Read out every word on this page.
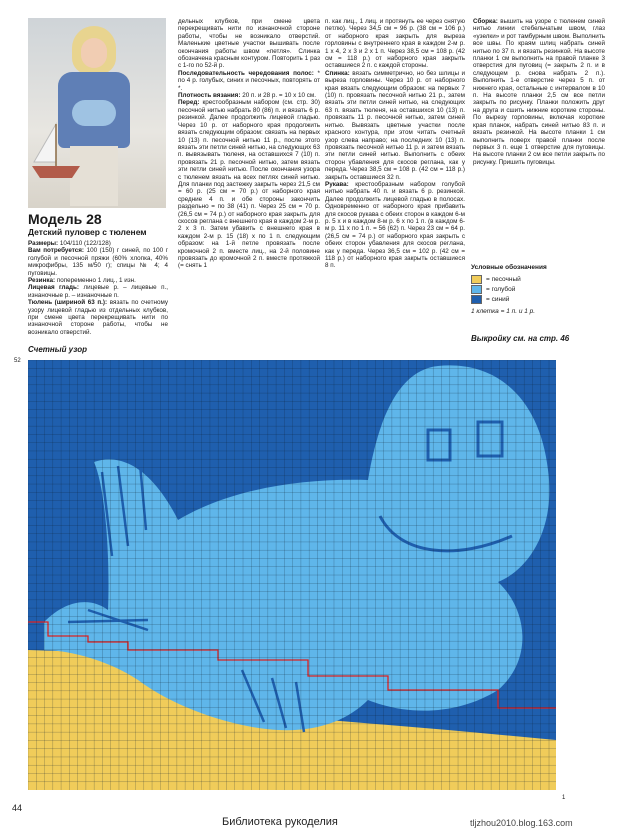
Модель 28
Детский пуловер с тюленем

Размеры: 104/110 (122/128)

Вам потребуется: 100 (150) г синей, по 100 г голубой и песочной пряжи (60% хлопка, 40% микрофибры, 135 м/50 г); спицы № 4; 4 пуговицы.

Резинка: попеременно 1 лиц., 1 изн.

Лицевая гладь: лицевые р. – лицевые п., изнаночные р. – изнаночные п.

Тюлень (шириной 63 п.): вязать по счетному узору лицевой гладью из отдельных клубков, при смене цвета перекрещивать нити по изнаночной стороне работы, чтобы не возникало отверстий.

дельных клубков, при смене цвета перекрещивать нити по изнаночной стороне работы, чтобы не возникало отверстий. Маленькие цветные участки вышивать после окончания работы швом «петля». Слинка обозначена красным контуром. Повторить 1 раз с 1-го по 52-й р.

Последовательность чередования полос: * по 4 р. голубых, синих и песочных, повторять от *.

Плотность вязания: 20 п. и 28 р. = 10 х 10 см.

Перед: крестообразным набором (см. стр. 30) песочной нитью набрать 80 (86) п. и вязать 6 р. резинкой. Далее продолжить лицевой гладью. Через 10 р. от наборного края продолжить вязать следующим образом: связать на первых 10 (13) п. песочной нитью 11 р., после этого вязать эти петли синей нитью, на следующих 63 п. вывязывать тюленя, на оставшихся 7 (10) п. провязать 21 р. песочной нитью, затем вязать эти петли синей нитью. После окончания узора с тюленем вязать на всех петлях синей нитью. Для планки под застежку закрыть через 21,5 см = 60 р. (25 см = 70 р.) от наборного края средние 4 п. и обе стороны закончить раздельно = по 38 (41) п. Через 25 см = 70 р. (26,5 см = 74 р.) от наборного края закрыть для скосов реглана с внешнего края в каждом 2-м р. 2 х 3 п. Затем убавить с внешнего края в каждом 2-м р. 15 (18) х по 1 п. следующим образом: на 1-й петле провязать после кромочной 2 п. вместе лиц., на 2-й половине провязать до кромочной 2 п. вместе протяжкой (= снять 1

п. как лиц., 1 лиц. и протянуть ее через снятую петлю). Через 34,5 см = 96 р. (38 см = 106 р.) от наборного края закрыть для выреза горловины с внутреннего края в каждом 2-м р. 1 х 4, 2 х 3 и 2 х 1 п. Через 38,5 см = 108 р. (42 см = 118 р.) от наборного края закрыть оставшиеся 2 п. с каждой стороны.

Спинка: вязать симметрично, но без шлицы и выреза горловины. Через 10 р. от наборного края вязать следующим образом: на первых 7 (10) п. провязать песочной нитью 21 р., затем вязать эти петли синей нитью, на следующих 63 п. вязать тюленя, на оставшихся 10 (13) п. провязать 11 р. песочной нитью, затем синей нитью. Вывязать цветные участки после красного контура, при этом читать счетный узор слева направо; на последних 10 (13) п. провязать песочной нитью 11 р. и затем вязать эти петли синей нитью. Выполнить с обеих сторон убавления для скосов реглана, как у переда. Через 38,5 см = 108 р. (42 см = 118 р.) закрыть оставшиеся 32 п.

Рукава: крестообразным набором голубой нитью набрать 40 п. и вязать 6 р. резинкой. Далее продолжить лицевой гладью в полосах. Одновременно от наборного края прибавить для скосов рукава с обеих сторон в каждом 6-м р. 5 х и в каждом 8-м р. 6 х по 1 п. (в каждом 6-м р. 11 х по 1 п. = 56 (62) п. Через 23 см = 64 р. (26,5 см = 74 р.) от наборного края закрыть с обеих сторон убавления для скосов реглана, как у переда. Через 36,5 см = 102 р. (42 см = 118 р.) от наборного края закрыть оставшиеся 8 п.

Сборка: вышить на узоре с тюленем синей нитью линии стебельчатым швом, глаз «узелки» и рот тамбурным швом. Выполнить все швы. По краям шлиц набрать синей нитью по 37 п. и вязать резинкой. На высоте планки 1 см выполнить на правой планке 3 отверстия для пуговиц (= закрыть 2 п. и в следующем р. снова набрать 2 п.). Выполнить 1-е отверстие через 5 п. от нижнего края, остальные с интервалом в 10 п. На высоте планки 2,5 см все петли закрыть по рисунку. Планки положить друг на друга и сшить нижние короткие стороны. По вырезу горловины, включая короткие края планок, набрать синей нитью 83 п. и вязать резинкой. На высоте планки 1 см выполнить поверх правой планки после первых 3 п. еще 1 отверстие для пуговицы. На высоте планки 2 см все петли закрыть по рисунку. Пришить пуговицы.

Условные обозначения
= песочный
= голубой
= синий
1 клетка = 1 п. и 1 р.
Выкройку см. на стр. 46
Счетный узор
52
1
44
Библиотека рукоделия	tljzhou2010.blog.163.com
